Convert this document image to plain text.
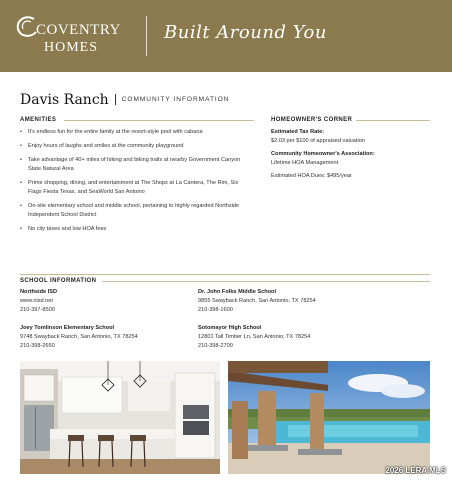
COVENTRY
HOMES
Built Around You
Davis Ranch COMMUNITY INFORMATION
AMENITIES
• It's endless fun for the entire family at the resort-style pool with cabana
• Enjoy hours of laughs and smiles at the community playground
• Take advantage of 40+ miles of hiking and biking trails at nearby Government Canyon State Natural Area
• Prime shopping, dining, and entertainment at The Shops at La Cantera, The Rim, Six Flags Fiesta Texas, and SeaWorld San Antonio
• On-site elementary school and middle school, pertaining to highly regarded Northside Independent School District
• No city taxes and low HOA fees
HOMEOWNER'S CORNER
Estimated Tax Rate:
$2.03 per $100 of appraised valuation
Community Homeowner's Association:
Lifetime HOA Management
Estimated HOA Dues: $495/year
SCHOOL INFORMATION
Northside ISD
www.nisd.net
210-397-8500
Dr. John Folks Middle School
9855 Swayback Ranch, San Antonio, TX 78254
210-398-1600
Joey Tomlinson Elementary School
9748 Swayback Ranch, San Antonio, TX 78254
210-398-2650
Sotomayor High School
12801 Tall Timber Ln, San Antonio, TX 78254
210-398-2700
2026 LERA MLS
